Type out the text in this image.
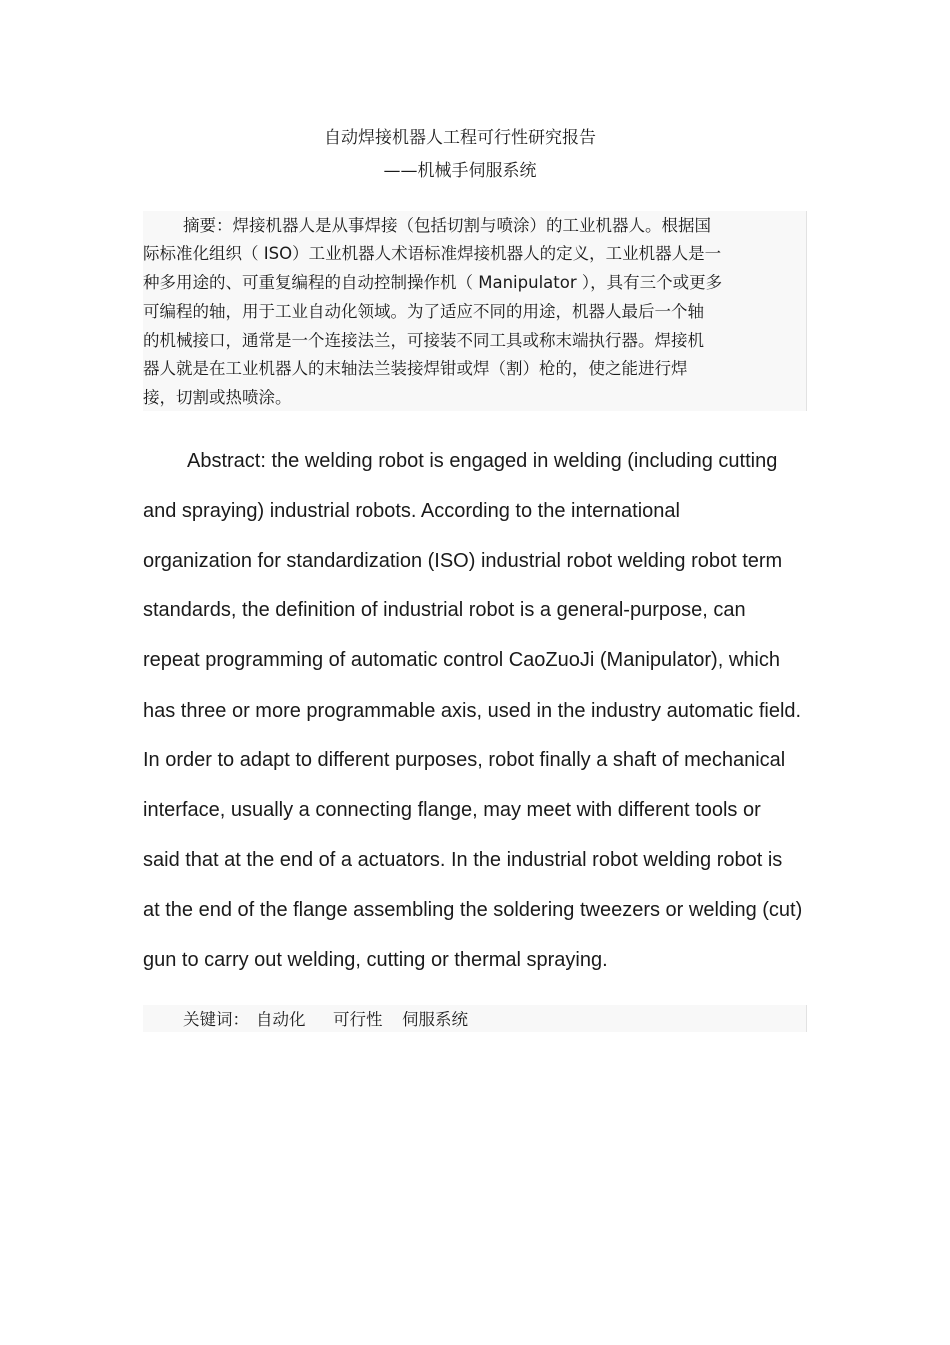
自动焊接机器人工程可行性研究报告
——机械手伺服系统

摘要：焊接机器人是从事焊接（包括切割与喷涂）的工业机器人。根据国

际标准化组织（ ISO）工业机器人术语标准焊接机器人的定义，工业机器人是一

种多用途的、可重复编程的自动控制操作机（ Manipulator ），具有三个或更多

可编程的轴，用于工业自动化领域。为了适应不同的用途，机器人最后一个轴

的机械接口，通常是一个连接法兰，可接装不同工具或称末端执行器。焊接机

器人就是在工业机器人的末轴法兰装接焊钳或焊（割）枪的，使之能进行焊

接，切割或热喷涂。

Abstract: the welding robot is engaged in welding (including cutting

and spraying) industrial robots. According to the international

organization for standardization (ISO) industrial robot welding robot term

standards, the definition of industrial robot is a general-purpose, can

repeat programming of automatic control CaoZuoJi (Manipulator), which

has three or more programmable axis, used in the industry automatic field.

In order to adapt to different purposes, robot finally a shaft of mechanical

interface, usually a connecting flange, may meet with different tools or

said that at the end of a actuators. In the industrial robot welding robot is

at the end of the flange assembling the soldering tweezers or welding (cut)

gun to carry out welding, cutting or thermal spraying.

关键词： 自动化 可行性 伺服系统
